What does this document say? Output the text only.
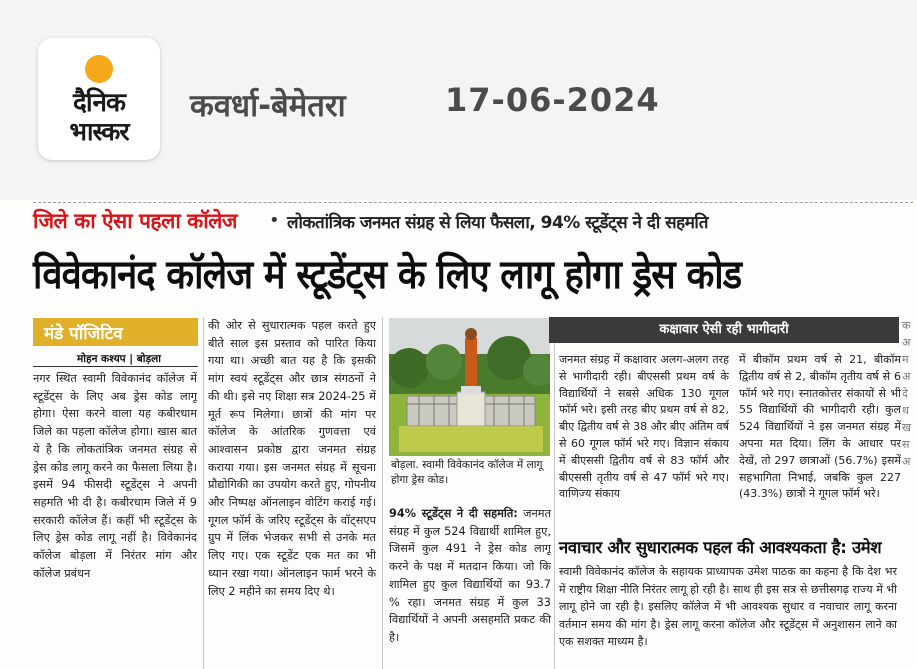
दैनिक
भास्कर
कवर्धा-बेमेतरा	17-06-2024
जिले का ऐसा पहला कॉलेज • लोकतांत्रिक जनमत संग्रह से लिया फैसला, 94% स्टूडेंट्स ने दी सहमति
विवेकानंद कॉलेज में स्टूडेंट्स के लिए लागू होगा ड्रेस कोड
मंडे पॉजिटिव
मोहन कश्यप | बोड़ला
नगर स्थित स्वामी विवेकानंद कॉलेज में स्टूडेंट्स के लिए अब ड्रेस कोड लागू होगा। ऐसा करने वाला यह कबीरधाम जिले का पहला कॉलेज होगा। खास बात ये है कि लोकतांत्रिक जनमत संग्रह से ड्रेस कोड लागू करने का फैसला लिया है। इसमें 94 फीसदी स्टूडेंट्स ने अपनी सहमति भी दी है। कबीरधाम जिले में 9 सरकारी कॉलेज हैं। कहीं भी स्टूडेंट्स के लिए ड्रेस कोड लागू नहीं है। विवेकानंद कॉलेज बोड़ला में निरंतर मांग और कॉलेज प्रबंधन
की ओर से सुधारात्मक पहल करते हुए बीते साल इस प्रस्ताव को पारित किया गया था। अच्छी बात यह है कि इसकी मांग स्वयं स्टूडेंट्स और छात्र संगठनों ने की थी। इसे नए शिक्षा सत्र 2024-25 में मूर्त रूप मिलेगा। छात्रों की मांग पर कॉलेज के आंतरिक गुणवत्ता एवं आश्वासन प्रकोष्ठ द्वारा जनमत संग्रह कराया गया। इस जनमत संग्रह में सूचना प्रौद्योगिकी का उपयोग करते हुए, गोपनीय और निष्पक्ष ऑनलाइन वोटिंग कराई गई। गूगल फॉर्म के जरिए स्टूडेंट्स के वॉट्सएप ग्रुप में लिंक भेजकर सभी से उनके मत लिए गए। एक स्टूडेंट एक मत का भी ध्यान रखा गया। ऑनलाइन फार्म भरने के लिए 2 महीने का समय दिए थे।
बोड़ला. स्वामी विवेकानंद कॉलेज में लागू होगा ड्रेस कोड।
94% स्टूडेंट्स ने दी सहमति: जनमत संग्रह में कुल 524 विद्यार्थी शामिल हुए, जिसमें कुल 491 ने ड्रेस कोड लागू करने के पक्ष में मतदान किया। जो कि शामिल हुए कुल विद्यार्थियों का 93.7 % रहा। जनमत संग्रह में कुल 33 विद्यार्थियों ने अपनी असहमति प्रकट की है।
कक्षावार ऐसी रही भागीदारी
जनमत संग्रह में कक्षावार अलग-अलग तरह से भागीदारी रही। बीएससी प्रथम वर्ष के विद्यार्थियों ने सबसे अधिक 130 गूगल फॉर्म भरे। इसी तरह बीए प्रथम वर्ष से 82, बीए द्वितीय वर्ष से 38 और बीए अंतिम वर्ष से 60 गूगल फॉर्म भरे गए। विज्ञान संकाय में बीएससी द्वितीय वर्ष से 83 फॉर्म और बीएससी तृतीय वर्ष से 47 फॉर्म भरे गए। वाणिज्य संकाय
में बीकॉम प्रथम वर्ष से 21, बीकॉम द्वितीय वर्ष से 2, बीकॉम तृतीय वर्ष से 6 फॉर्म भरे गए। स्नातकोत्तर संकायों से भी 55 विद्यार्थियों की भागीदारी रही। कुल 524 विद्यार्थियों ने इस जनमत संग्रह में अपना मत दिया। लिंग के आधार पर देखें, तो 297 छात्राओं (56.7%) इसमें सहभागिता निभाई, जबकि कुल 227 (43.3%) छात्रों ने गूगल फॉर्म भरे।
नवाचार और सुधारात्मक पहल की आवश्यकता है: उमेश
स्वामी विवेकानंद कॉलेज के सहायक प्राध्यापक उमेश पाठक का कहना है कि देश भर में राष्ट्रीय शिक्षा नीति निरंतर लागू हो रही है। साथ ही इस सत्र से छत्तीसगढ़ राज्य में भी लागू होने जा रही है। इसलिए कॉलेज में भी आवश्यक सुधार व नवाचार लागू करना वर्तमान समय की मांग है। ड्रेस लागू करना कॉलेज और स्टूडेंट्स में अनुशासन लाने का एक सशक्त माध्यम है।
क
अ
म
अ
दे
थ
ख
स
अ
